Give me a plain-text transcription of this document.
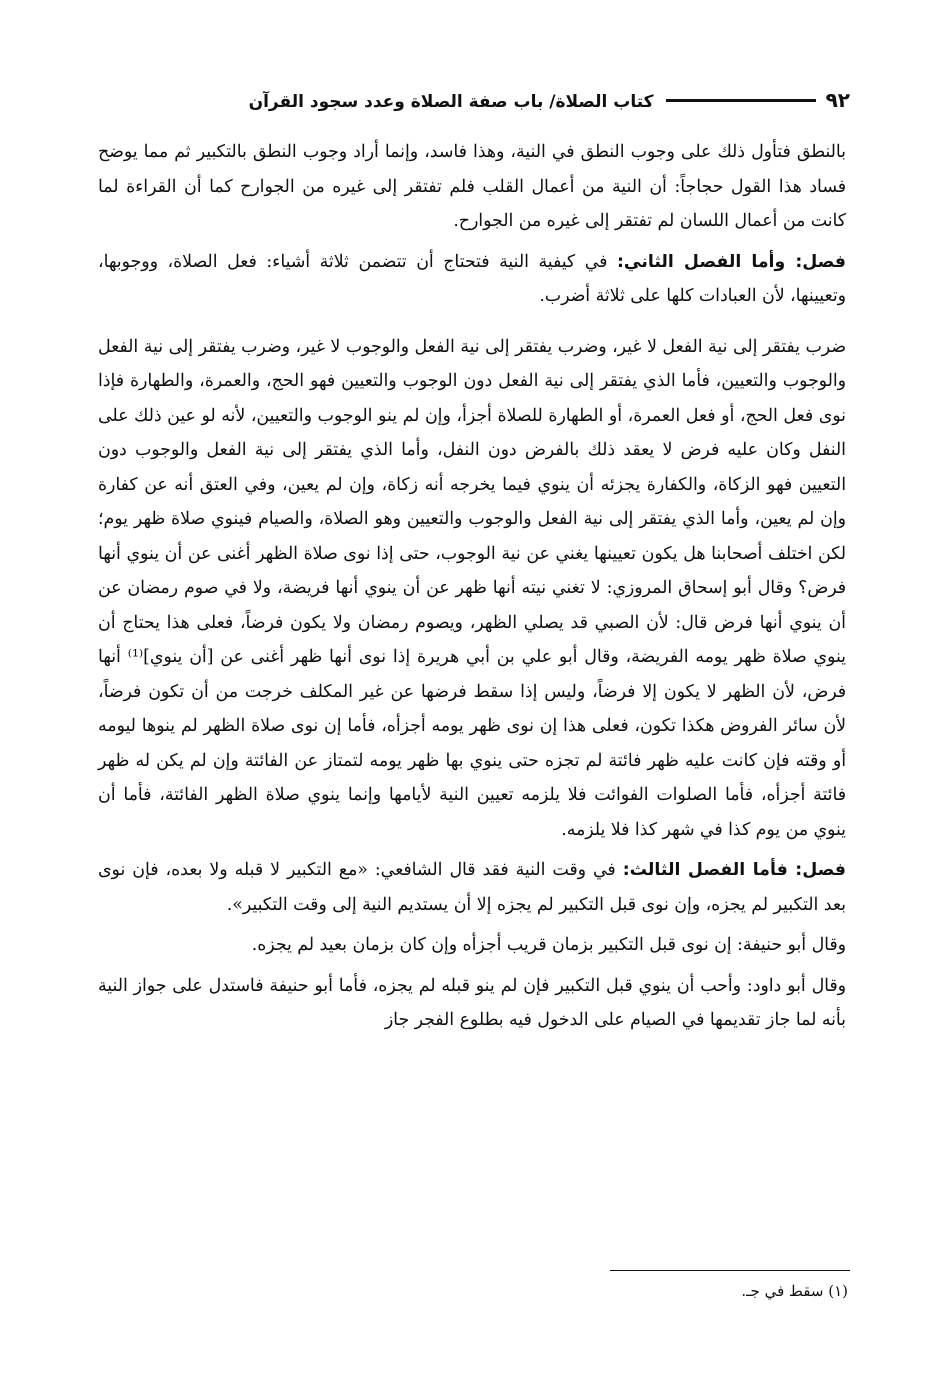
٩٢
كتاب الصلاة/ باب صفة الصلاة وعدد سجود القرآن

بالنطق فتأول ذلك على وجوب النطق في النية، وهذا فاسد، وإنما أراد وجوب النطق بالتكبير ثم مما يوضح فساد هذا القول حجاجاً: أن النية من أعمال القلب فلم تفتقر إلى غيره من الجوارح كما أن القراءة لما كانت من أعمال اللسان لم تفتقر إلى غيره من الجوارح.

فصل: وأما الفصل الثاني: في كيفية النية فتحتاج أن تتضمن ثلاثة أشياء: فعل الصلاة، ووجوبها، وتعيينها، لأن العبادات كلها على ثلاثة أضرب.

ضرب يفتقر إلى نية الفعل لا غير، وضرب يفتقر إلى نية الفعل والوجوب لا غير، وضرب يفتقر إلى نية الفعل والوجوب والتعيين، فأما الذي يفتقر إلى نية الفعل دون الوجوب والتعيين فهو الحج، والعمرة، والطهارة فإذا نوى فعل الحج، أو فعل العمرة، أو الطهارة للصلاة أجزأ، وإن لم ينو الوجوب والتعيين، لأنه لو عين ذلك على النفل وكان عليه فرض لا يعقد ذلك بالفرض دون النفل، وأما الذي يفتقر إلى نية الفعل والوجوب دون التعيين فهو الزكاة، والكفارة يجزئه أن ينوي فيما يخرجه أنه زكاة، وإن لم يعين، وفي العتق أنه عن كفارة وإن لم يعين، وأما الذي يفتقر إلى نية الفعل والوجوب والتعيين وهو الصلاة، والصيام فينوي صلاة ظهر يوم؛ لكن اختلف أصحابنا هل يكون تعيينها يغني عن نية الوجوب، حتى إذا نوى صلاة الظهر أغنى عن أن ينوي أنها فرض؟ وقال أبو إسحاق المروزي: لا تغني نيته أنها ظهر عن أن ينوي أنها فريضة، ولا في صوم رمضان عن أن ينوي أنها فرض قال: لأن الصبي قد يصلي الظهر، ويصوم رمضان ولا يكون فرضاً، فعلى هذا يحتاج أن ينوي صلاة ظهر يومه الفريضة، وقال أبو علي بن أبي هريرة إذا نوى أنها ظهر أغنى عن [أن ينوي]⁽¹⁾ أنها فرض، لأن الظهر لا يكون إلا فرضاً، وليس إذا سقط فرضها عن غير المكلف خرجت من أن تكون فرضاً، لأن سائر الفروض هكذا تكون، فعلى هذا إن نوى ظهر يومه أجزأه، فأما إن نوى صلاة الظهر لم ينوها ليومه أو وقته فإن كانت عليه ظهر فائتة لم تجزه حتى ينوي بها ظهر يومه لتمتاز عن الفائتة وإن لم يكن له ظهر فائتة أجزأه، فأما الصلوات الفوائت فلا يلزمه تعيين النية لأيامها وإنما ينوي صلاة الظهر الفائتة، فأما أن ينوي من يوم كذا في شهر كذا فلا يلزمه.

فصل: فأما الفصل الثالث: في وقت النية فقد قال الشافعي: «مع التكبير لا قبله ولا بعده، فإن نوى بعد التكبير لم يجزه، وإن نوى قبل التكبير لم يجزه إلا أن يستديم النية إلى وقت التكبير».

وقال أبو حنيفة: إن نوى قبل التكبير بزمان قريب أجزأه وإن كان بزمان بعيد لم يجزه.

وقال أبو داود: وأحب أن ينوي قبل التكبير فإن لم ينو قبله لم يجزه، فأما أبو حنيفة فاستدل على جواز النية بأنه لما جاز تقديمها في الصيام على الدخول فيه بطلوع الفجر جاز

(١) سقط في جـ.
